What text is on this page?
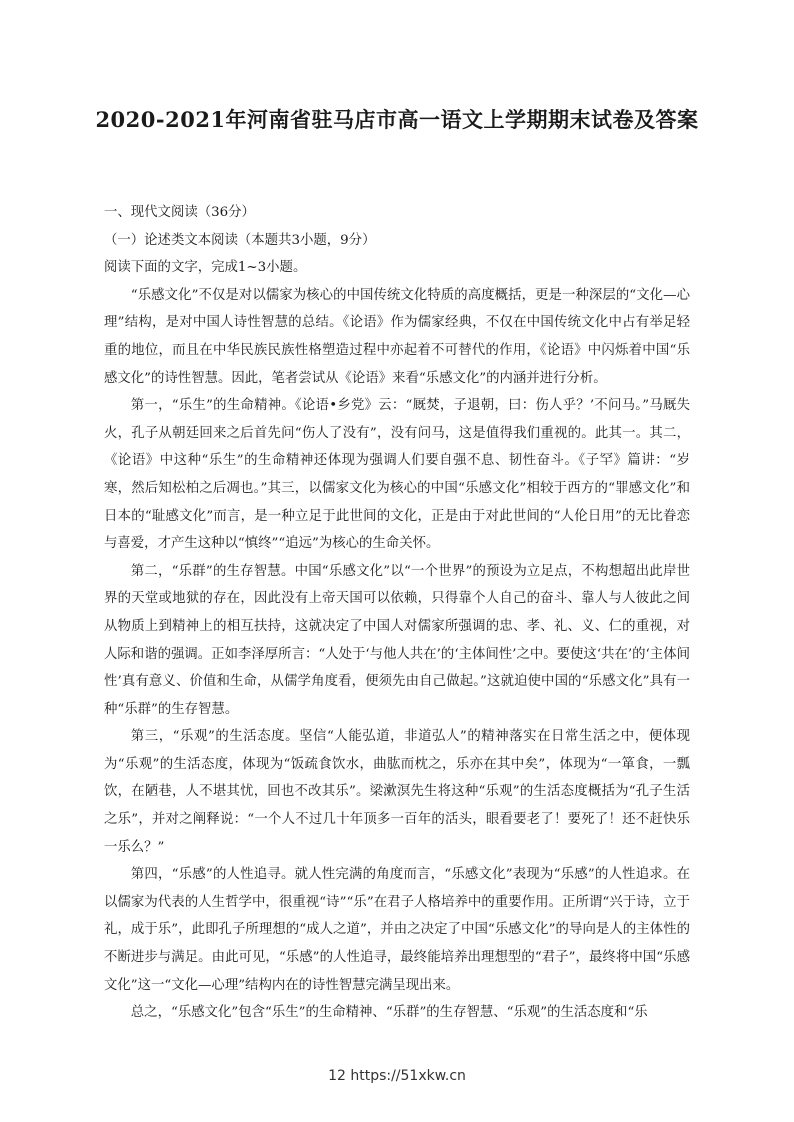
2020-2021年河南省驻马店市高一语文上学期期末试卷及答案

一、现代文阅读（36分）

（一）论述类文本阅读（本题共3小题，9分）

阅读下面的文字，完成1~3小题。

“乐感文化”不仅是对以儒家为核心的中国传统文化特质的高度概括，更是一种深层的“文化—心理”结构，是对中国人诗性智慧的总结。《论语》作为儒家经典，不仅在中国传统文化中占有举足轻重的地位，而且在中华民族民族性格塑造过程中亦起着不可替代的作用，《论语》中闪烁着中国“乐感文化”的诗性智慧。因此，笔者尝试从《论语》来看“乐感文化”的内涵并进行分析。

第一，“乐生”的生命精神。《论语•乡党》云：“厩焚，子退朝，曰：伤人乎？’不问马。”马厩失火，孔子从朝廷回来之后首先问“伤人了没有”，没有问马，这是值得我们重视的。此其一。其二，《论语》中这种“乐生”的生命精神还体现为强调人们要自强不息、韧性奋斗。《子罕》篇讲：“岁寒，然后知松柏之后凋也。”其三，以儒家文化为核心的中国“乐感文化”相较于西方的“罪感文化”和日本的“耻感文化”而言，是一种立足于此世间的文化，正是由于对此世间的“人伦日用”的无比眷恋与喜爱，才产生这种以“慎终”“追远”为核心的生命关怀。

第二，“乐群”的生存智慧。中国“乐感文化”以“一个世界”的预设为立足点，不构想超出此岸世界的天堂或地狱的存在，因此没有上帝天国可以依赖，只得靠个人自己的奋斗、靠人与人彼此之间从物质上到精神上的相互扶持，这就决定了中国人对儒家所强调的忠、孝、礼、义、仁的重视，对人际和谐的强调。正如李泽厚所言：“人处于‘与他人共在’的‘主体间性’之中。要使这‘共在’的‘主体间性’真有意义、价值和生命，从儒学角度看，便须先由自己做起。”这就迫使中国的“乐感文化”具有一种“乐群”的生存智慧。

第三，“乐观”的生活态度。坚信“人能弘道，非道弘人”的精神落实在日常生活之中，便体现为“乐观”的生活态度，体现为“饭疏食饮水，曲肱而枕之，乐亦在其中矣”，体现为“一箪食，一瓢饮，在陋巷，人不堪其忧，回也不改其乐”。梁漱溟先生将这种“乐观”的生活态度概括为“孔子生活之乐”，并对之阐释说：“一个人不过几十年顶多一百年的活头，眼看要老了！要死了！还不赶快乐一乐么？”

第四，“乐感”的人性追寻。就人性完满的角度而言，“乐感文化”表现为“乐感”的人性追求。在以儒家为代表的人生哲学中，很重视“诗”“乐”在君子人格培养中的重要作用。正所谓“兴于诗，立于礼，成于乐”，此即孔子所理想的“成人之道”，并由之决定了中国“乐感文化”的导向是人的主体性的不断进步与满足。由此可见，“乐感”的人性追寻，最终能培养出理想型的“君子”，最终将中国“乐感文化”这一“文化—心理”结构内在的诗性智慧完满呈现出来。

总之，“乐感文化”包含“乐生”的生命精神、“乐群”的生存智慧、“乐观”的生活态度和“乐

12 https://51xkw.cn
